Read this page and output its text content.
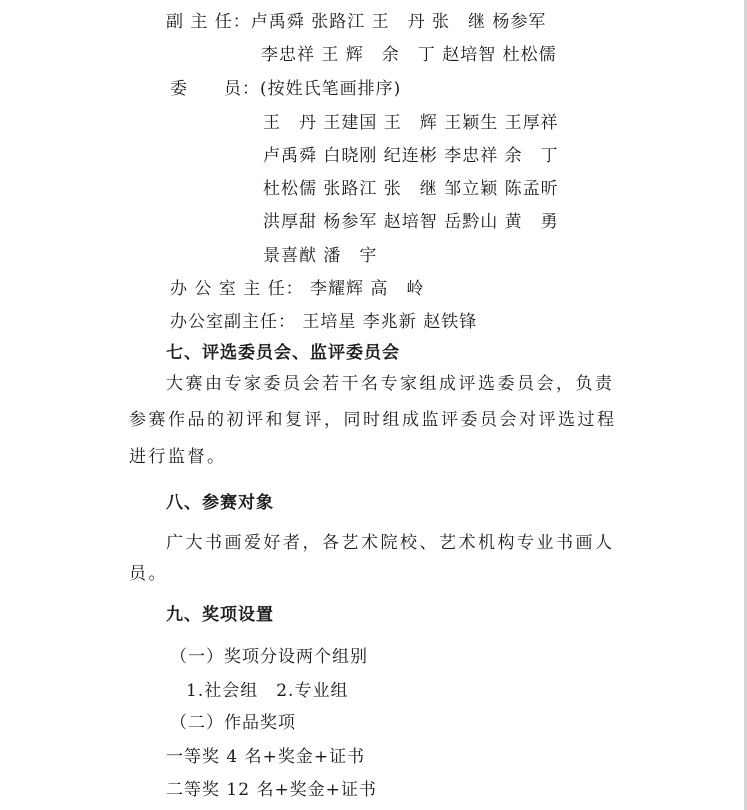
副 主 任：卢禹舜 张路江 王　丹 张　继 杨参军
李忠祥 王 辉　余　丁 赵培智 杜松儒
委　　员：(按姓氏笔画排序)
王　丹 王建国 王　辉 王颖生 王厚祥
卢禹舜 白晓刚 纪连彬 李忠祥 余　丁
杜松儒 张路江 张　继 邹立颖 陈孟昕
洪厚甜 杨参军 赵培智 岳黔山 黄　勇
景喜猷 潘　宇
办 公 室 主 任： 李耀辉 高　岭
办公室副主任： 王培星 李兆新 赵铁锋
七、评选委员会、监评委员会
大赛由专家委员会若干名专家组成评选委员会，负责
参赛作品的初评和复评，同时组成监评委员会对评选过程
进行监督。
八、参赛对象
广大书画爱好者，各艺术院校、艺术机构专业书画人
员。
九、奖项设置
（一）奖项分设两个组别
1.社会组　2.专业组
（二）作品奖项
一等奖 4 名+奖金+证书
二等奖 12 名+奖金+证书
